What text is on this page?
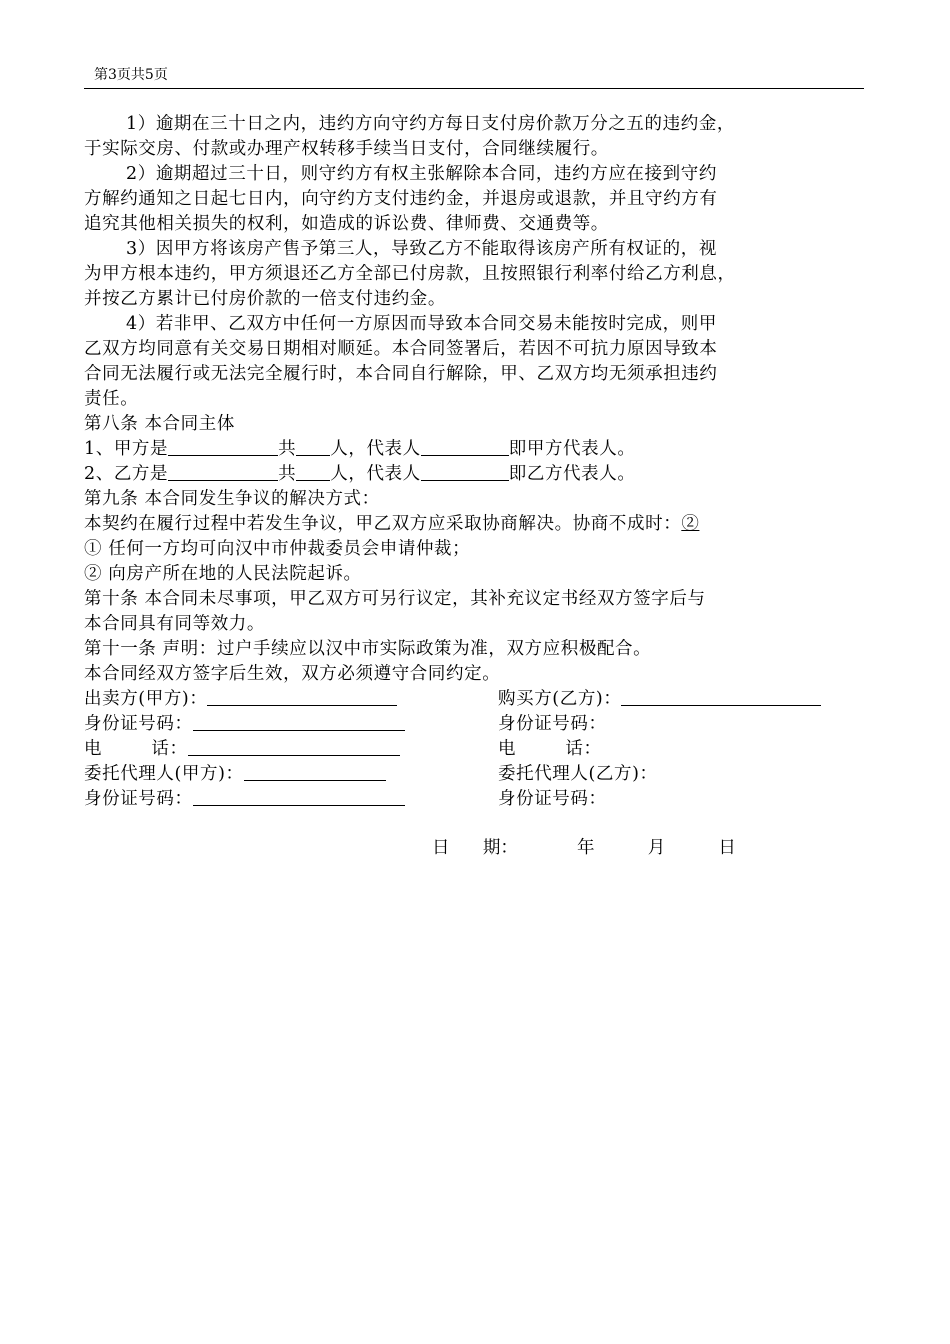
第3页共5页
1）逾期在三十日之内，违约方向守约方每日支付房价款万分之五的违约金，
于实际交房、付款或办理产权转移手续当日支付，合同继续履行。
2）逾期超过三十日，则守约方有权主张解除本合同，违约方应在接到守约
方解约通知之日起七日内，向守约方支付违约金，并退房或退款，并且守约方有
追究其他相关损失的权利，如造成的诉讼费、律师费、交通费等。
3）因甲方将该房产售予第三人，导致乙方不能取得该房产所有权证的，视
为甲方根本违约，甲方须退还乙方全部已付房款，且按照银行利率付给乙方利息，
并按乙方累计已付房价款的一倍支付违约金。
4）若非甲、乙双方中任何一方原因而导致本合同交易未能按时完成，则甲
乙双方均同意有关交易日期相对顺延。本合同签署后，若因不可抗力原因导致本
合同无法履行或无法完全履行时，本合同自行解除，甲、乙双方均无须承担违约
责任。
第八条 本合同主体
1、甲方是	共 人，代表人	即甲方代表人。
2、乙方是	共 人，代表人	即乙方代表人。
第九条 本合同发生争议的解决方式：
本契约在履行过程中若发生争议，甲乙双方应采取协商解决。协商不成时：②
① 任何一方均可向汉中市仲裁委员会申请仲裁；
② 向房产所在地的人民法院起诉。
第十条 本合同未尽事项，甲乙双方可另行议定，其补充议定书经双方签字后与
本合同具有同等效力。
第十一条 声明：过户手续应以汉中市实际政策为准，双方应积极配合。
本合同经双方签字后生效，双方必须遵守合同约定。
出卖方(甲方)：	购买方(乙方)：
身份证号码：	身份证号码：
电        话：	电        话：
委托代理人(甲方)：	委托代理人(乙方)：
身份证号码：	身份证号码：
日      期：	年	月	日
